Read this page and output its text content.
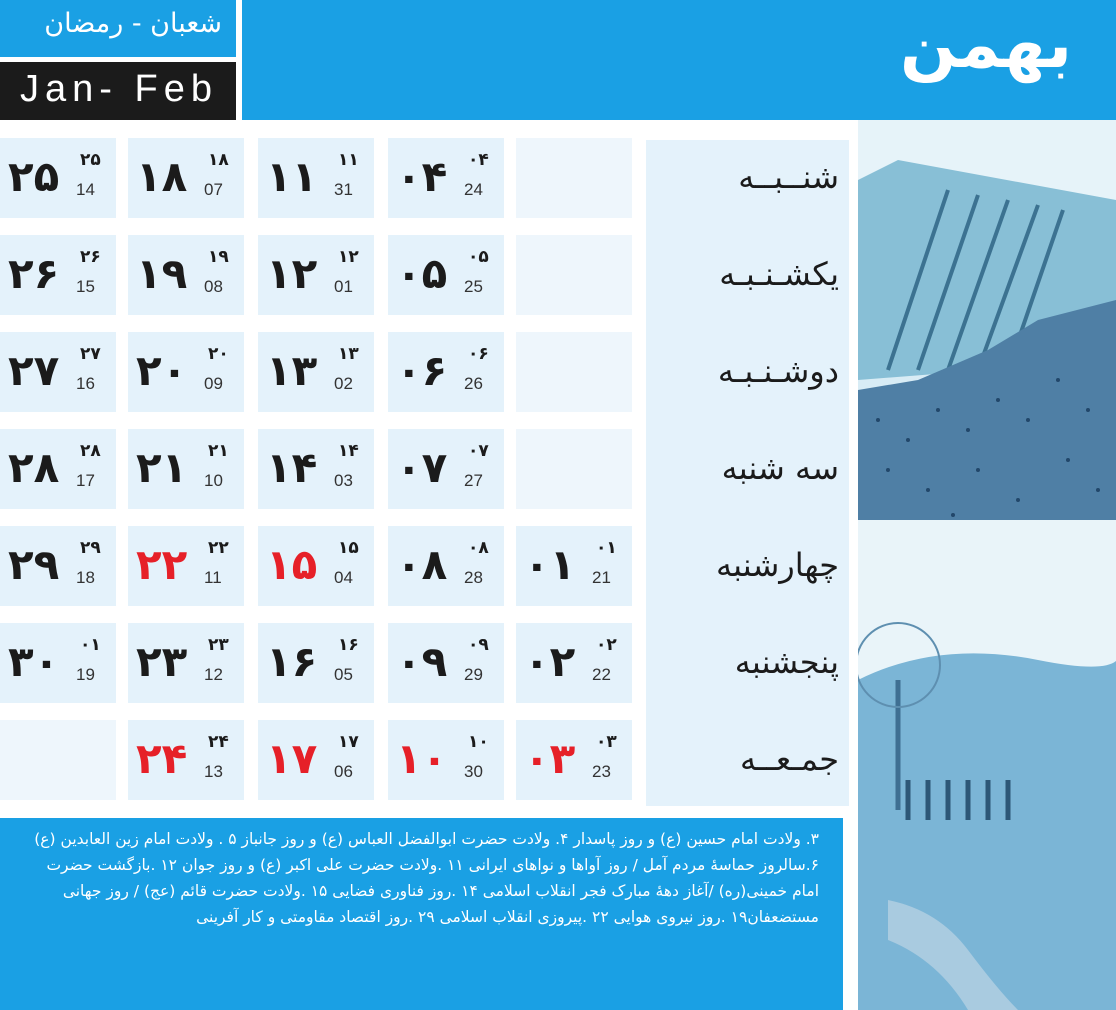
بهمن
شعبان - رمضان
Jan- Feb
۲۵ ۲۵
14
۲۶ ۲۶
15
۲۷ ۲۷
16
۲۸ ۲۸
17
۲۹ ۲۹
18
۳۰ ۰۱
19
۱۸ ۱۸
07
۱۹ ۱۹
08
۲۰ ۲۰
09
۲۱ ۲۱
10
۲۲ ۲۲
11
۲۳ ۲۳
12
۲۴ ۲۴
13
۱۱ ۱۱
31
۱۲ ۱۲
01
۱۳ ۱۳
02
۱۴ ۱۴
03
۱۵ ۱۵
04
۱۶ ۱۶
05
۱۷ ۱۷
06
۰۴ ۰۴
24
۰۵ ۰۵
25
۰۶ ۰۶
26
۰۷ ۰۷
27
۰۸ ۰۸
28
۰۹ ۰۹
29
۱۰ ۱۰
30
۰۱ ۰۱
21
۰۲ ۰۲
22
۰۳ ۰۳
23
شنــبــه
یکشـنـبـه
دوشـنـبـه
سه شنبه
چهارشنبه
پنجشنبه
جمـعــه
۳. ولادت امام حسین (ع) و روز پاسدار ۴. ولادت حضرت ابوالفضل العباس (ع) و روز جانباز ۵ . ولادت امام زین العابدین (ع) ۶.سالروز حماسهٔ مردم آمل / روز آواها و نواهای ایرانی ۱۱ .ولادت حضرت علی اکبر (ع) و روز جوان ۱۲ .بازگشت حضرت امام خمینی(ره) /آغاز دههٔ مبارک فجر انقلاب اسلامی ۱۴ .روز فناوری فضایی ۱۵ .ولادت حضرت قائم (عج) / روز جهانی مستضعفان۱۹ .روز نیروی هوایی ۲۲ .پیروزی انقلاب اسلامی ۲۹ .روز اقتصاد مقاومتی و کار آفرینی
